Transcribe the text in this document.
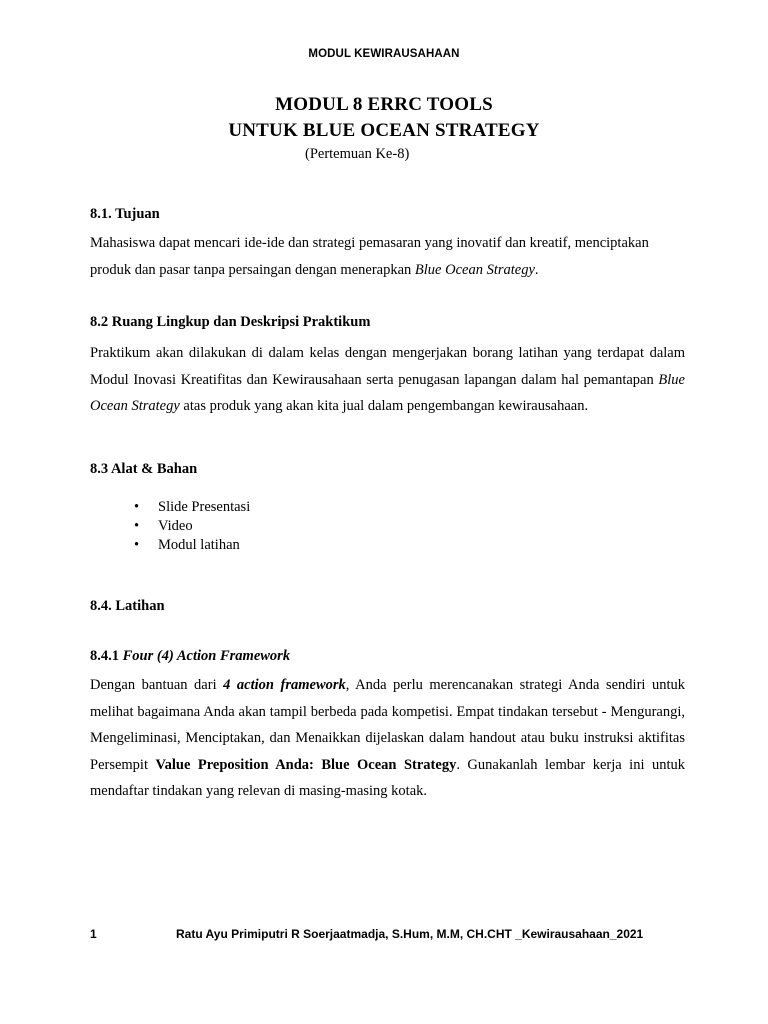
MODUL KEWIRAUSAHAAN
MODUL 8 ERRC TOOLS
UNTUK BLUE OCEAN STRATEGY
(Pertemuan Ke-8)
8.1. Tujuan

Mahasiswa dapat mencari ide-ide dan strategi pemasaran yang inovatif dan kreatif, menciptakan produk dan pasar tanpa persaingan dengan menerapkan Blue Ocean Strategy.

8.2 Ruang Lingkup dan Deskripsi Praktikum

Praktikum akan dilakukan di dalam kelas dengan mengerjakan borang latihan yang terdapat dalam Modul Inovasi Kreatifitas dan Kewirausahaan serta penugasan lapangan dalam hal pemantapan Blue Ocean Strategy atas produk yang akan kita jual dalam pengembangan kewirausahaan.

8.3 Alat & Bahan
• Slide Presentasi
• Video
• Modul latihan
8.4. Latihan
8.4.1 Four (4) Action Framework

Dengan bantuan dari 4 action framework, Anda perlu merencanakan strategi Anda sendiri untuk melihat bagaimana Anda akan tampil berbeda pada kompetisi. Empat tindakan tersebut - Mengurangi, Mengeliminasi, Menciptakan, dan Menaikkan dijelaskan dalam handout atau buku instruksi aktifitas Persempit Value Preposition Anda: Blue Ocean Strategy. Gunakanlah lembar kerja ini untuk mendaftar tindakan yang relevan di masing-masing kotak.

1	Ratu Ayu Primiputri R Soerjaatmadja, S.Hum, M.M, CH.CHT _Kewirausahaan_2021
